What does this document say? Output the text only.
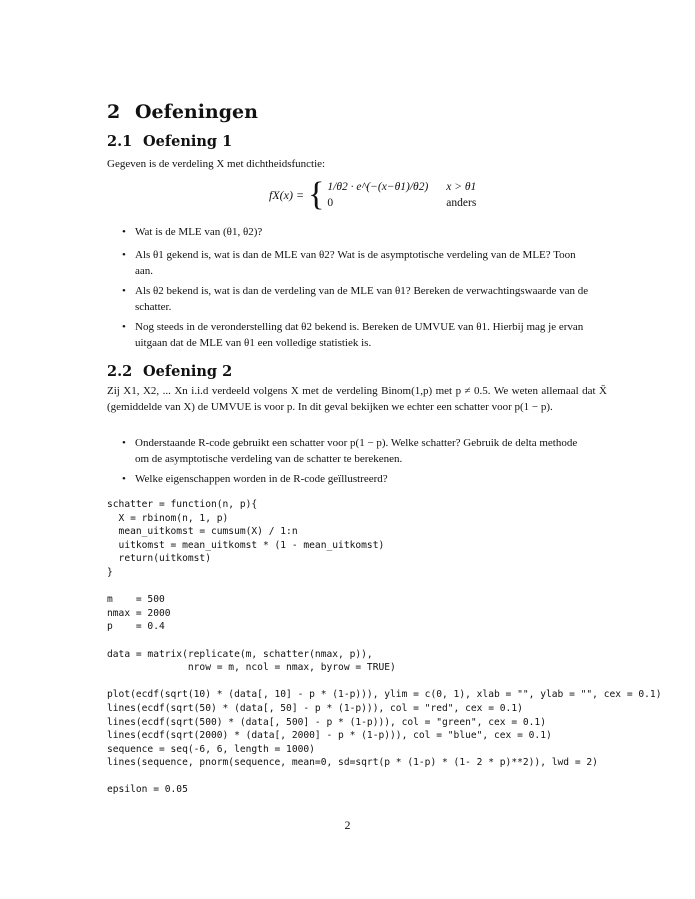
2 Oefeningen
2.1 Oefening 1
Gegeven is de verdeling X met dichtheidsfunctie:
fX(x) = { 1/θ2 · e^(−(x−θ1)/θ2) x > θ1
0	anders
• Wat is de MLE van (θ1, θ2)?
• Als θ1 gekend is, wat is dan de MLE van θ2? Wat is de asymptotische verdeling van de MLE? Toon aan.
• Als θ2 bekend is, wat is dan de verdeling van de MLE van θ1? Bereken de verwachtingswaarde van de schatter.
• Nog steeds in de veronderstelling dat θ2 bekend is. Bereken de UMVUE van θ1. Hierbij mag je ervan uitgaan dat de MLE van θ1 een volledige statistiek is.
2.2 Oefening 2
Zij X1, X2, ... Xn i.i.d verdeeld volgens X met de verdeling Binom(1,p) met p ≠ 0.5. We weten allemaal dat X̄ (gemiddelde van X) de UMVUE is voor p. In dit geval bekijken we echter een schatter voor p(1 − p).
• Onderstaande R-code gebruikt een schatter voor p(1 − p). Welke schatter? Gebruik de delta methode om de asymptotische verdeling van de schatter te berekenen.
• Welke eigenschappen worden in de R-code geïllustreerd?
schatter = function(n, p){
X = rbinom(n, 1, p)
mean_uitkomst = cumsum(X) / 1:n
uitkomst = mean_uitkomst * (1 - mean_uitkomst)
return(uitkomst)
}

m    = 500
nmax = 2000
p    = 0.4

data = matrix(replicate(m, schatter(nmax, p)),
nrow = m, ncol = nmax, byrow = TRUE)

plot(ecdf(sqrt(10) * (data[, 10] - p * (1-p))), ylim = c(0, 1), xlab = "", ylab = "", cex = 0.1)
lines(ecdf(sqrt(50) * (data[, 50] - p * (1-p))), col = "red", cex = 0.1)
lines(ecdf(sqrt(500) * (data[, 500] - p * (1-p))), col = "green", cex = 0.1)
lines(ecdf(sqrt(2000) * (data[, 2000] - p * (1-p))), col = "blue", cex = 0.1)
sequence = seq(-6, 6, length = 1000)
lines(sequence, pnorm(sequence, mean=0, sd=sqrt(p * (1-p) * (1- 2 * p)**2)), lwd = 2)

epsilon = 0.05
2
